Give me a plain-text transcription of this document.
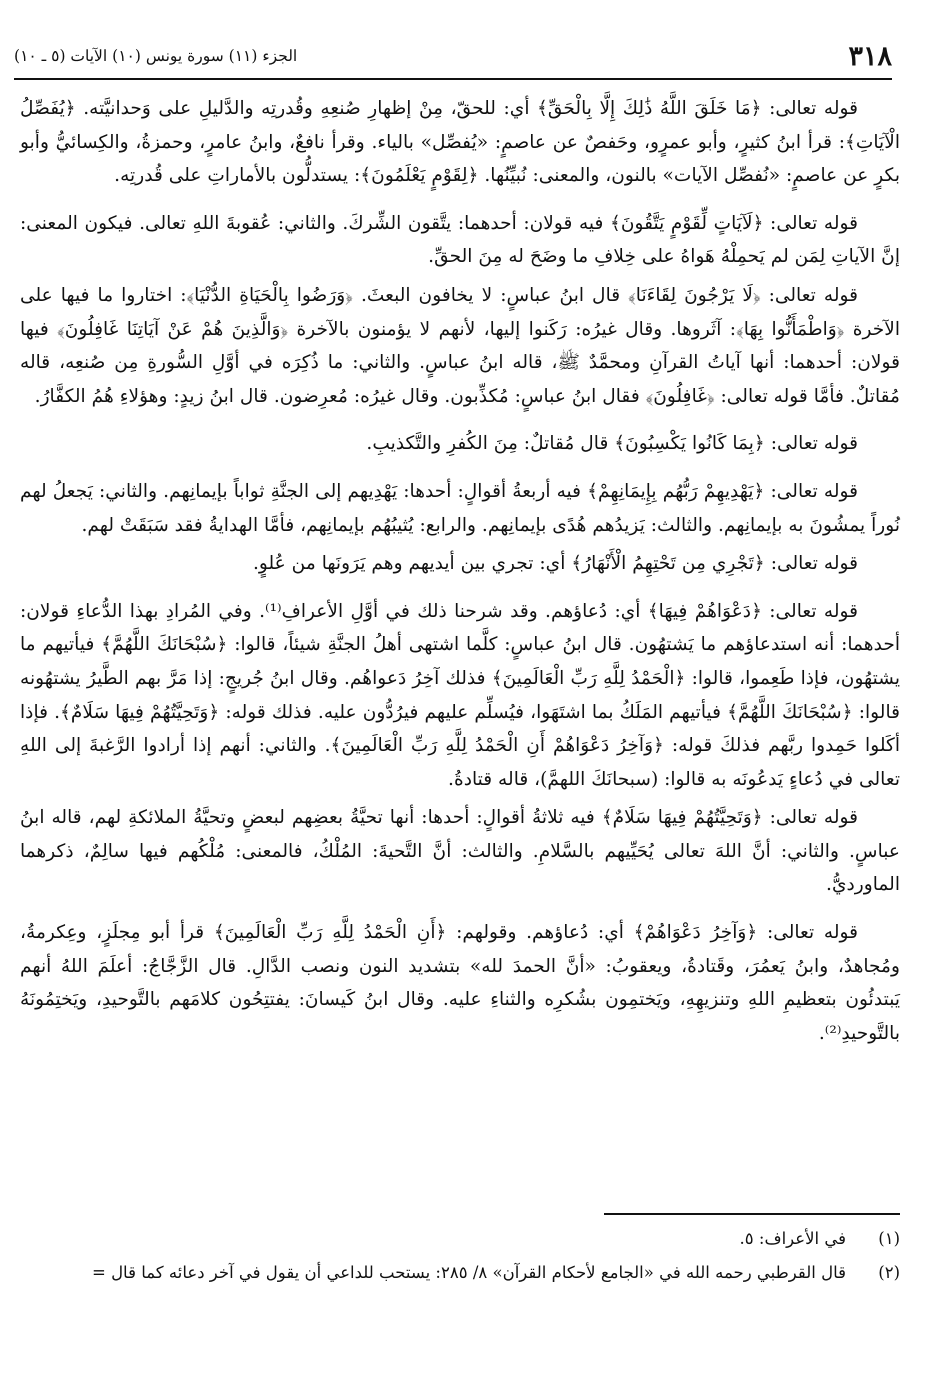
٣١٨
الجزء (١١) سورة يونس (١٠) الآيات (٥ ـ ١٠)

قوله تعالى: ﴿مَا خَلَقَ اللَّهُ ذَٰلِكَ إِلَّا بِالْحَقِّ﴾ أي: للحقّ، مِنْ إظهارِ صُنعِهِ وقُدرتِه والدَّليلِ على وَحدانيَّته. ﴿يُفَصِّلُ الْآيَاتِ﴾: قرأ ابنُ كثيرٍ، وأبو عمرٍو، وحَفصٌ عن عاصمٍ: «يُفصِّل» بالياء. وقرأ نافعٌ، وابنُ عامرٍ، وحمزةُ، والكِسائيُّ وأبو بكرٍ عن عاصمٍ: «نُفصِّل الآيات» بالنون، والمعنى: نُبيِّنُها. ﴿لِقَوْمٍ يَعْلَمُونَ﴾: يستدلُّون بالأماراتِ على قُدرتِه.

قوله تعالى: ﴿لَآيَاتٍ لِّقَوْمٍ يَتَّقُونَ﴾ فيه قولان: أحدهما: يتَّقون الشِّركَ. والثاني: عُقوبةَ اللهِ تعالى. فيكون المعنى: إنَّ الآياتِ لِمَن لم يَحمِلْهُ هَواهُ على خِلافِ ما وضَحَ له مِنَ الحقِّ.

قوله تعالى: ﴿لَا يَرْجُونَ لِقَاءَنَا﴾ قال ابنُ عباسٍ: لا يخافون البعثَ. ﴿وَرَضُوا بِالْحَيَاةِ الدُّنْيَا﴾: اختاروا ما فيها على الآخرة ﴿وَاطْمَأَنُّوا بِهَا﴾: آثَروها. وقال غيرُه: رَكَنوا إليها، لأنهم لا يؤمنون بالآخرة ﴿وَالَّذِينَ هُمْ عَنْ آيَاتِنَا غَافِلُونَ﴾ فيها قولان: أحدهما: أنها آياتُ القرآنِ ومحمَّدٌ ﷺ، قاله ابنُ عباسٍ. والثاني: ما ذُكِرَه في أوَّلِ السُّورةِ مِن صُنعِه، قاله مُقاتلٌ. فأمَّا قوله تعالى: ﴿غَافِلُونَ﴾ فقال ابنُ عباسٍ: مُكذِّبون. وقال غيرُه: مُعرِضون. قال ابنُ زيدٍ: وهؤلاءِ هُمُ الكفَّارُ.

قوله تعالى: ﴿بِمَا كَانُوا يَكْسِبُونَ﴾ قال مُقاتلٌ: مِنَ الكُفرِ والتَّكذيبِ.

قوله تعالى: ﴿يَهْدِيهِمْ رَبُّهُم بِإِيمَانِهِمْ﴾ فيه أربعةُ أقوالٍ: أحدها: يَهْدِيهم إلى الجنَّةِ ثواباً بإيمانِهم. والثاني: يَجعلُ لهم نُوراً يمشُونَ به بإيمانِهم. والثالث: يَزيدُهم هُدًى بإيمانِهم. والرابع: يُثيبُهُم بإيمانِهم، فأمَّا الهدايةُ فقد سَبَقَتْ لهم.

قوله تعالى: ﴿تَجْرِي مِن تَحْتِهِمُ الْأَنْهَارُ﴾ أي: تجري بين أيديهم وهم يَرَونَها من عُلوٍ.

قوله تعالى: ﴿دَعْوَاهُمْ فِيهَا﴾ أي: دُعاؤهم. وقد شرحنا ذلك في أوَّلِ الأعرافِ⁽¹⁾. وفي المُرادِ بهذا الدُّعاءِ قولان: أحدهما: أنه استدعاؤهم ما يَشتهُون. قال ابنُ عباسٍ: كلَّما اشتهى أهلُ الجنَّةِ شيئاً، قالوا: ﴿سُبْحَانَكَ اللَّهُمَّ﴾ فيأتيهم ما يشتهُون، فإذا طَعِموا، قالوا: ﴿الْحَمْدُ لِلَّهِ رَبِّ الْعَالَمِينَ﴾ فذلك آخِرُ دَعواهُم. وقال ابنُ جُريجٍ: إذا مَرَّ بهم الطَّيرُ يشتهُونه قالوا: ﴿سُبْحَانَكَ اللَّهُمَّ﴾ فيأتيهم المَلَكُ بما اشتَهَوا، فيُسلِّم عليهم فيرُدُّون عليه. فذلك قوله: ﴿وَتَحِيَّتُهُمْ فِيهَا سَلَامٌ﴾. فإذا أكَلوا حَمِدوا ربَّهم فذلكَ قوله: ﴿وَآخِرُ دَعْوَاهُمْ أَنِ الْحَمْدُ لِلَّهِ رَبِّ الْعَالَمِينَ﴾. والثاني: أنهم إذا أرادوا الرَّغبةَ إلى اللهِ تعالى في دُعاءٍ يَدعُونَه به قالوا: (سبحانَكَ اللهمَّ)، قاله قتادةُ.

قوله تعالى: ﴿وَتَحِيَّتُهُمْ فِيهَا سَلَامٌ﴾ فيه ثلاثةُ أقوالٍ: أحدها: أنها تحيَّةُ بعضِهم لبعضٍ وتحيَّةُ الملائكةِ لهم، قاله ابنُ عباسٍ. والثاني: أنَّ اللهَ تعالى يُحَيِّيهم بالسَّلامِ. والثالث: أنَّ التَّحيةَ: المُلْكُ، فالمعنى: مُلْكُهم فيها سالِمٌ، ذكرهما الماورديُّ.

قوله تعالى: ﴿وَآخِرُ دَعْوَاهُمْ﴾ أي: دُعاؤهم. وقولهم: ﴿أَنِ الْحَمْدُ لِلَّهِ رَبِّ الْعَالَمِينَ﴾ قرأ أبو مِجلَزٍ، وعِكرمةُ، ومُجاهدٌ، وابنُ يَعمُرَ، وقَتادةُ، ويعقوبُ: «أنَّ الحمدَ لله» بتشديد النون ونصب الدَّالِ. قال الزَّجَّاجُ: أعلَمَ اللهُ أنهم يَبتدئُون بتعظيمِ اللهِ وتنزيهِهِ، ويَختمِون بشُكرِه والثناءِ عليه. وقال ابنُ كَيسانَ: يفتتِحُون كلامَهم بالتَّوحيدِ، ويَختِمُونَهُ بالتَّوحيدِ⁽²⁾.

(١)
في الأعراف: ٥.
(٢)
قال القرطبي رحمه الله في «الجامع لأحكام القرآن» ٨/ ٢٨٥: يستحب للداعي أن يقول في آخر دعائه كما قال =
